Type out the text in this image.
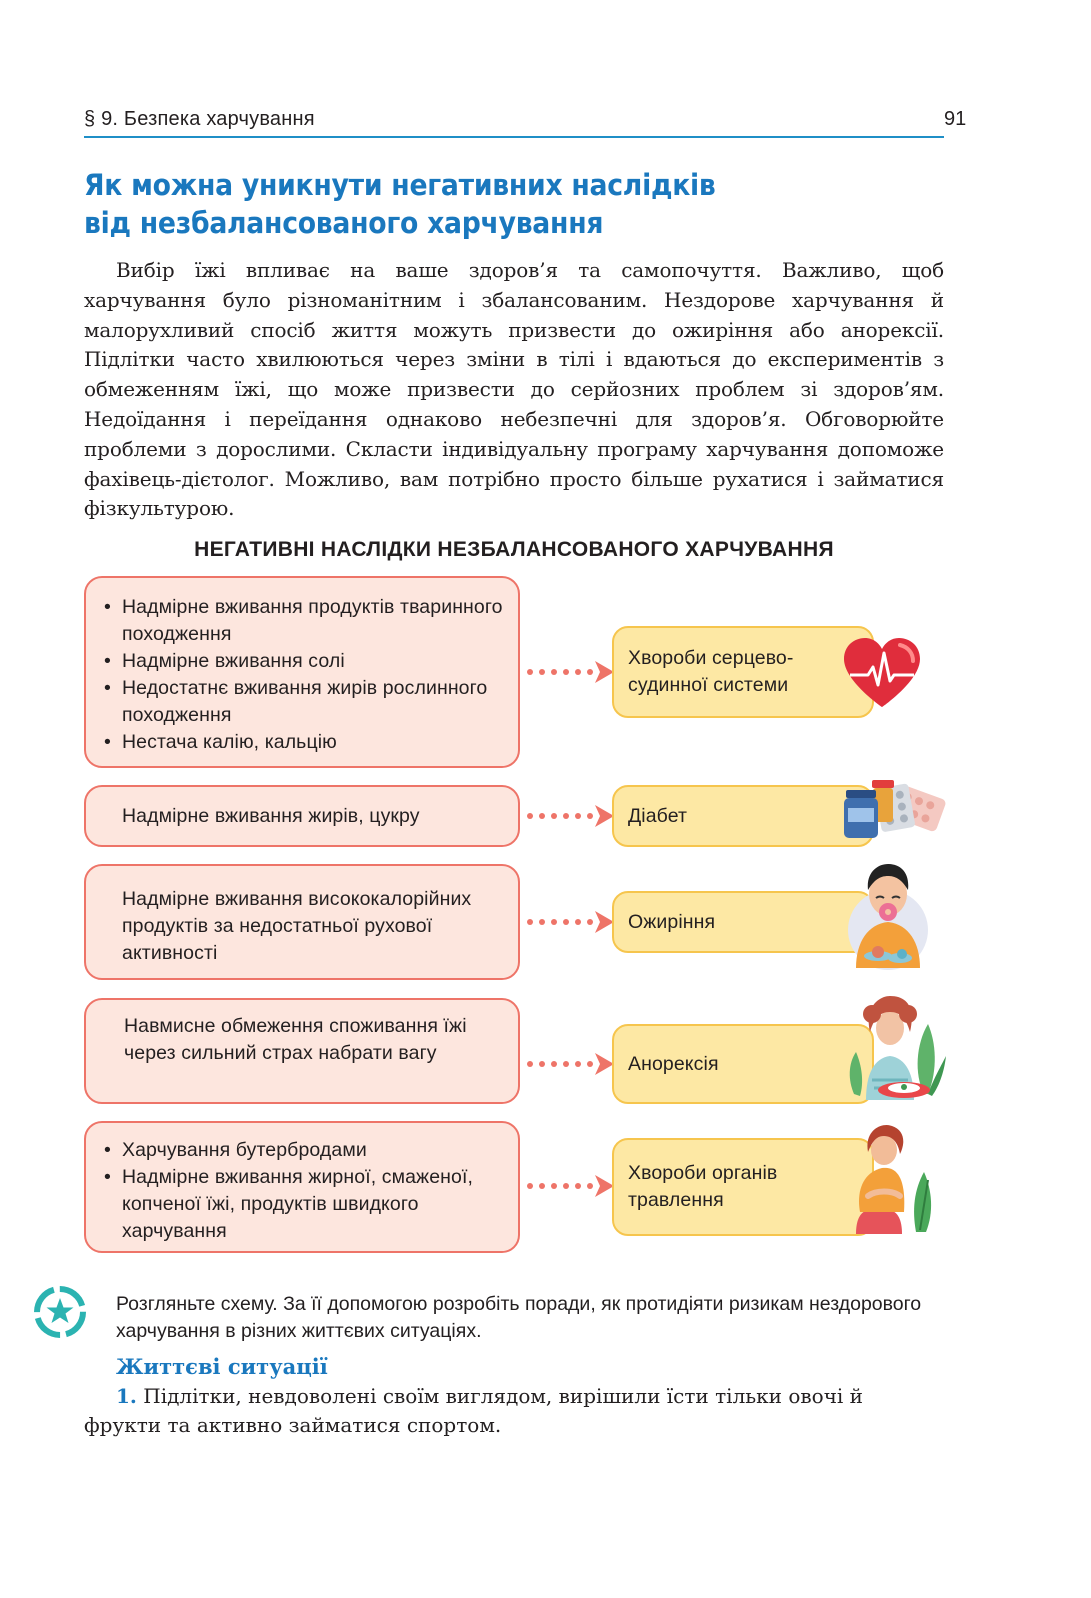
§ 9. Безпека харчування	91
Як можна уникнути негативних наслідків
від незбалансованого харчування

Вибір їжі впливає на ваше здоров’я та самопочуття. Важливо, щоб харчування було різноманітним і збалансованим. Нездорове харчування й малорухливий спосіб життя можуть призвести до ожиріння або анорексії. Підлітки часто хвилюються через зміни в тілі і вдаються до експериментів з обмеженням їжі, що може призвести до серйозних проблем зі здоров’ям. Недоїдання і переїдання однаково небезпечні для здоров’я. Обговорюйте проблеми з дорослими. Скласти індивідуальну програму харчування допоможе фахівець-дієтолог. Можливо, вам потрібно просто більше рухатися і займатися фізкультурою.

НЕГАТИВНІ НАСЛІДКИ НЕЗБАЛАНСОВАНОГО ХАРЧУВАННЯ
• Надмірне вживання продуктів тваринного походження
• Надмірне вживання солі
• Недостатнє вживання жирів рослинного походження
• Нестача калію, кальцію
Хвороби серцево-судинної системи
Надмірне вживання жирів, цукру	Діабет
Надмірне вживання висококалорійних продуктів за недостатньої рухової активності
Ожиріння
Навмисне обмеження споживання їжі через сильний страх набрати вагу	Анорексія
• Харчування бутербродами
• Надмірне вживання жирної, смаженої, копченої їжі, продуктів швидкого харчування
Хвороби органів травлення
Розгляньте схему. За її допомогою розробіть поради, як протидіяти ризикам нездорового харчування в різних життєвих ситуаціях.
Життєві ситуації

1. Підлітки, невдоволені своїм виглядом, вирішили їсти тільки овочі й фрукти та активно займатися спортом.
